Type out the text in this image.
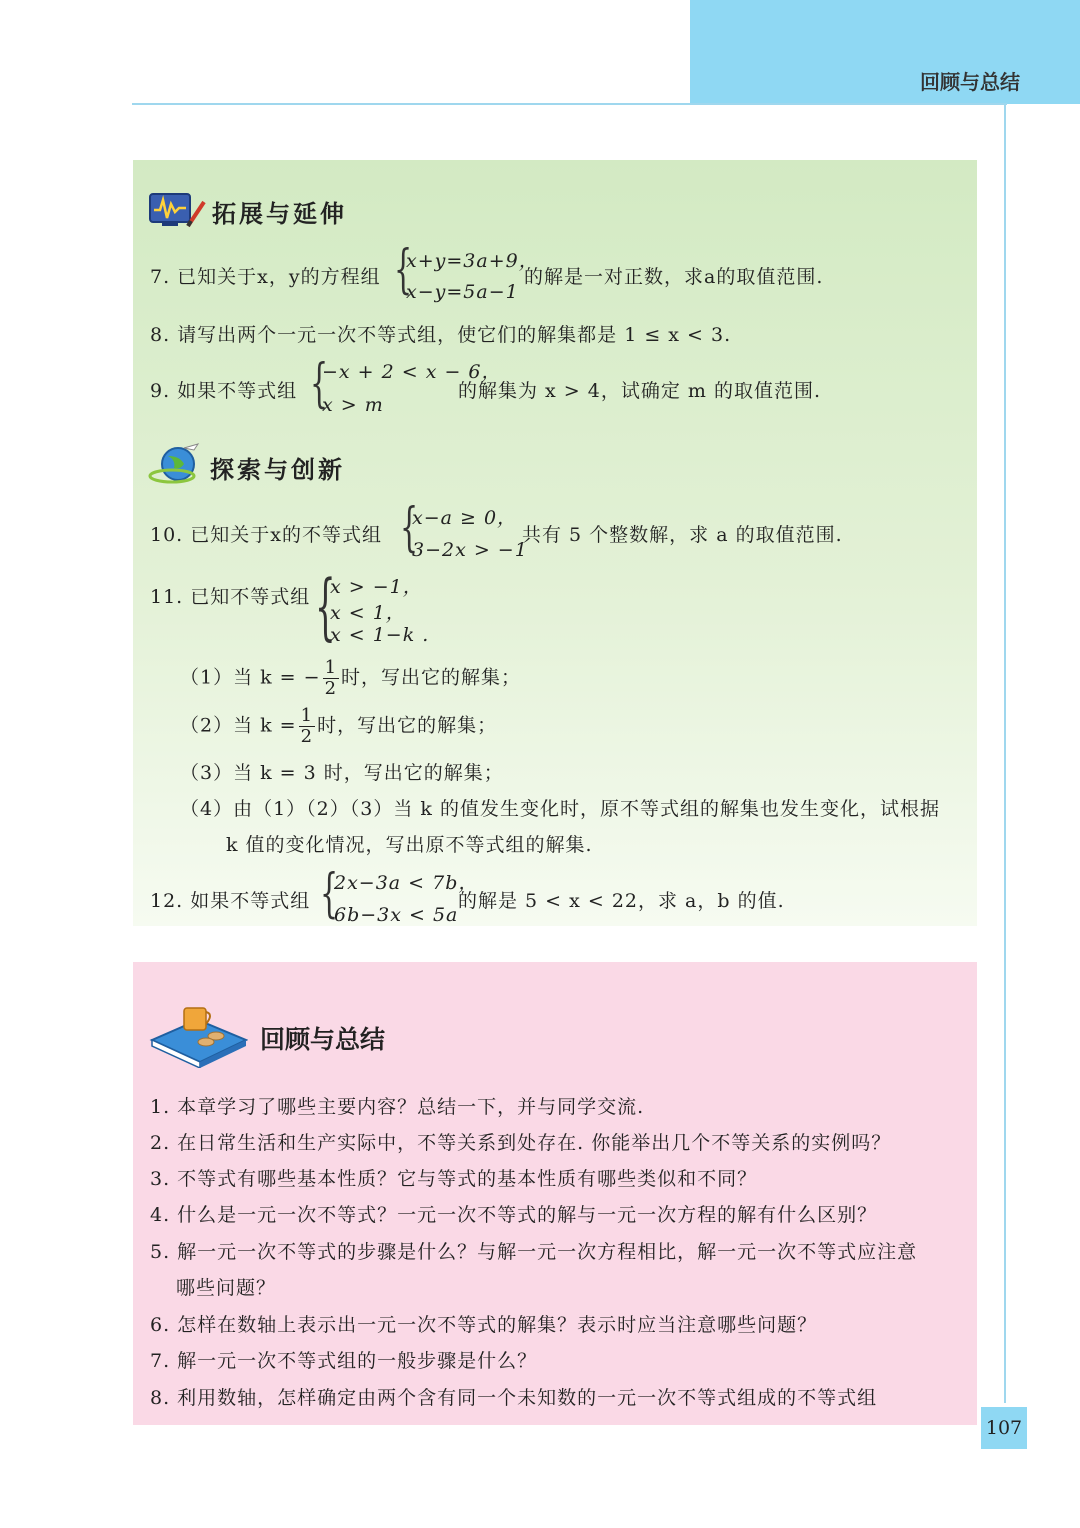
回顾与总结
拓展与延伸
7. 已知关于x，y的方程组 {
x+y=3a+9，
x−y=5a−1
的解是一对正数，求a的取值范围.
8. 请写出两个一元一次不等式组，使它们的解集都是 1 ≤ x < 3.
9. 如果不等式组 {
−x + 2 < x − 6，
x > m
的解集为 x > 4，试确定 m 的取值范围.
探索与创新
10. 已知关于x的不等式组 {
x−a ≥ 0，
3−2x > −1
共有 5 个整数解，求 a 的取值范围.
11. 已知不等式组 {
x > −1，
x < 1，
x < 1−k .
（1）当 k = − $\frac{1}{2}$ 时，写出它的解集；
（2）当 $k = \frac{1}{2}$ 时，写出它的解集；
（3）当 k = 3 时，写出它的解集；
（4）由（1）（2）（3）当 k 的值发生变化时，原不等式组的解集也发生变化，试根据
k 值的变化情况，写出原不等式组的解集.
12. 如果不等式组 {
2x−3a < 7b，
6b−3x < 5a
的解是 5 < x < 22，求 a，b 的值.
回顾与总结
1. 本章学习了哪些主要内容？总结一下，并与同学交流.
2. 在日常生活和生产实际中，不等关系到处存在. 你能举出几个不等关系的实例吗？
3. 不等式有哪些基本性质？它与等式的基本性质有哪些类似和不同？
4. 什么是一元一次不等式？一元一次不等式的解与一元一次方程的解有什么区别？
5. 解一元一次不等式的步骤是什么？与解一元一次方程相比，解一元一次不等式应注意
哪些问题？
6. 怎样在数轴上表示出一元一次不等式的解集？表示时应当注意哪些问题？
7. 解一元一次不等式组的一般步骤是什么？
8. 利用数轴，怎样确定由两个含有同一个未知数的一元一次不等式组成的不等式组
107
